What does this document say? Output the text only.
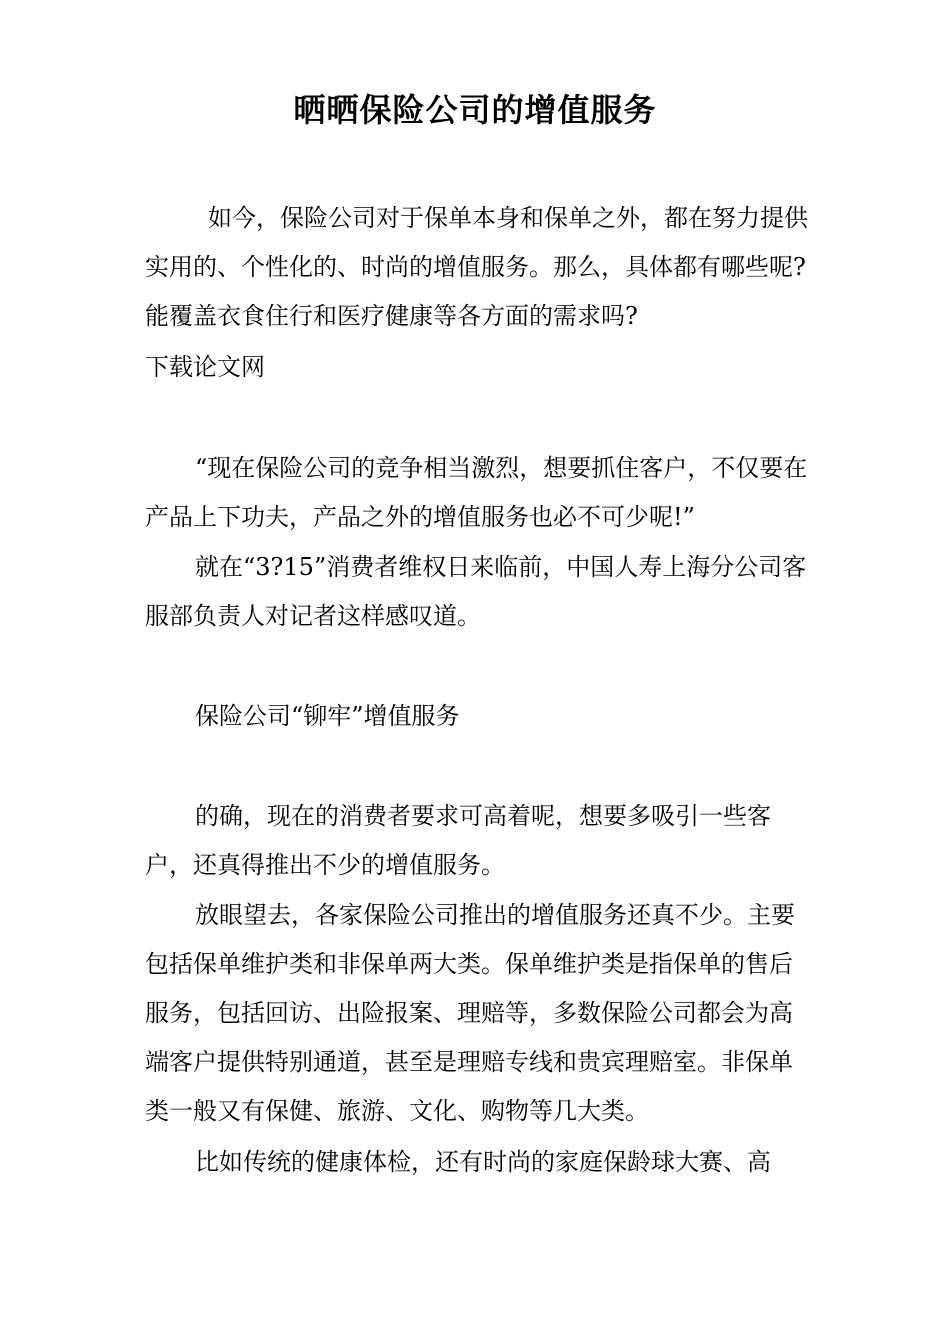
晒晒保险公司的增值服务

如今，保险公司对于保单本身和保单之外，都在努力提供实用的、个性化的、时尚的增值服务。那么，具体都有哪些呢?能覆盖衣食住行和医疗健康等各方面的需求吗?

下载论文网

“现在保险公司的竞争相当激烈，想要抓住客户，不仅要在产品上下功夫，产品之外的增值服务也必不可少呢!”

就在“3?15”消费者维权日来临前，中国人寿上海分公司客服部负责人对记者这样感叹道。

保险公司“铆牢”增值服务

的确，现在的消费者要求可高着呢，想要多吸引一些客户，还真得推出不少的增值服务。

放眼望去，各家保险公司推出的增值服务还真不少。主要包括保单维护类和非保单两大类。保单维护类是指保单的售后服务，包括回访、出险报案、理赔等，多数保险公司都会为高端客户提供特别通道，甚至是理赔专线和贵宾理赔室。非保单类一般又有保健、旅游、文化、购物等几大类。

比如传统的健康体检，还有时尚的家庭保龄球大赛、高
